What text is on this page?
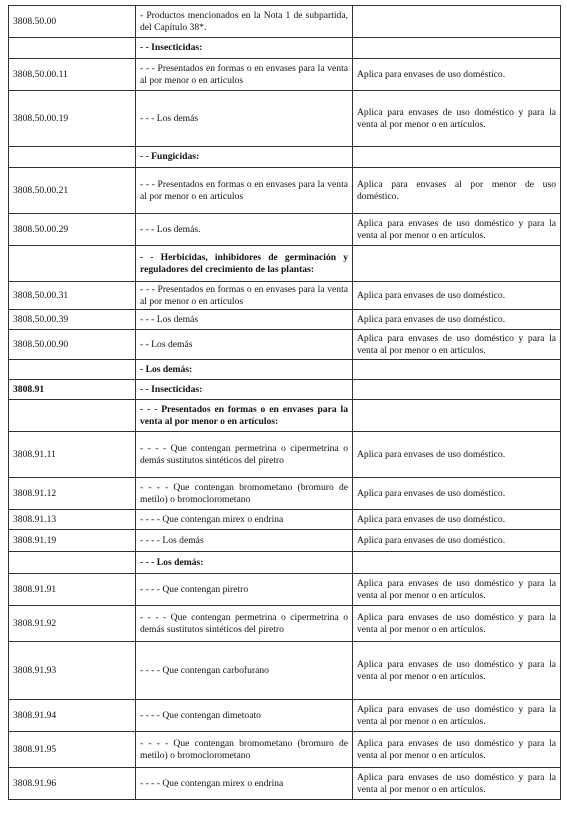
3808.50.00	- Productos mencionados en la Nota 1 de subpartida, del Capítulo 38*.	
	- - Insecticidas:	
3808.50.00.11	- - - Presentados en formas o en envases para la venta al por menor o en artículos	Aplica para envases de uso doméstico.
3808.50.00.19	- - - Los demás	Aplica para envases de uso doméstico y para la venta al por menor o en artículos.
	- - Fungicidas:	
3808.50.00.21	- - - Presentados en formas o en envases para la venta al por menor o en artículos	Aplica para envases al por menor de uso doméstico.
3808.50.00.29	- - - Los demás.	Aplica para envases de uso doméstico y para la venta al por menor o en artículos.
	- - Herbicidas, inhibidores de germinación y reguladores del crecimiento de las plantas:	
3808.50.00.31	- - - Presentados en formas o en envases para la venta al por menor o en artículos	Aplica para envases de uso doméstico.
3808.50.00.39	- - - Los demás	Aplica para envases de uso doméstico.
3808.50.00.90	- - Los demás	Aplica para envases de uso doméstico y para la venta al por menor o en artículos.
	- Los demás:	
3808.91	- - Insecticidas:	
	- - - Presentados en formas o en envases para la venta al por menor o en artículos:	
3808.91.11	- - - - Que contengan permetrina o cipermetrina o demás sustitutos sintéticos del piretro	Aplica para envases de uso doméstico.
3808.91.12	- - - - Que contengan bromometano (bromuro de metilo) o bromoclorometano	Aplica para envases de uso doméstico.
3808.91.13	- - - - Que contengan mirex o endrina	Aplica para envases de uso doméstico.
3808.91.19	- - - - Los demás	Aplica para envases de uso doméstico.
	- - - Los demás:	
3808.91.91	- - - - Que contengan piretro	Aplica para envases de uso doméstico y para la venta al por menor o en artículos.
3808.91.92	- - - - Que contengan permetrina o cipermetrina o demás sustitutos sintéticos del piretro	Aplica para envases de uso doméstico y para la venta al por menor o en artículos.
3808.91.93	- - - - Que contengan carbofurano	Aplica para envases de uso doméstico y para la venta al por menor o en artículos.
3808.91.94	- - - - Que contengan dimetoato	Aplica para envases de uso doméstico y para la venta al por menor o en artículos.
3808.91.95	- - - - Que contengan bromometano (bromuro de metilo) o bromoclorometano	Aplica para envases de uso doméstico y para la venta al por menor o en artículos.
3808.91.96	- - - - Que contengan mirex o endrina	Aplica para envases de uso doméstico y para la venta al por menor o en artículos.
